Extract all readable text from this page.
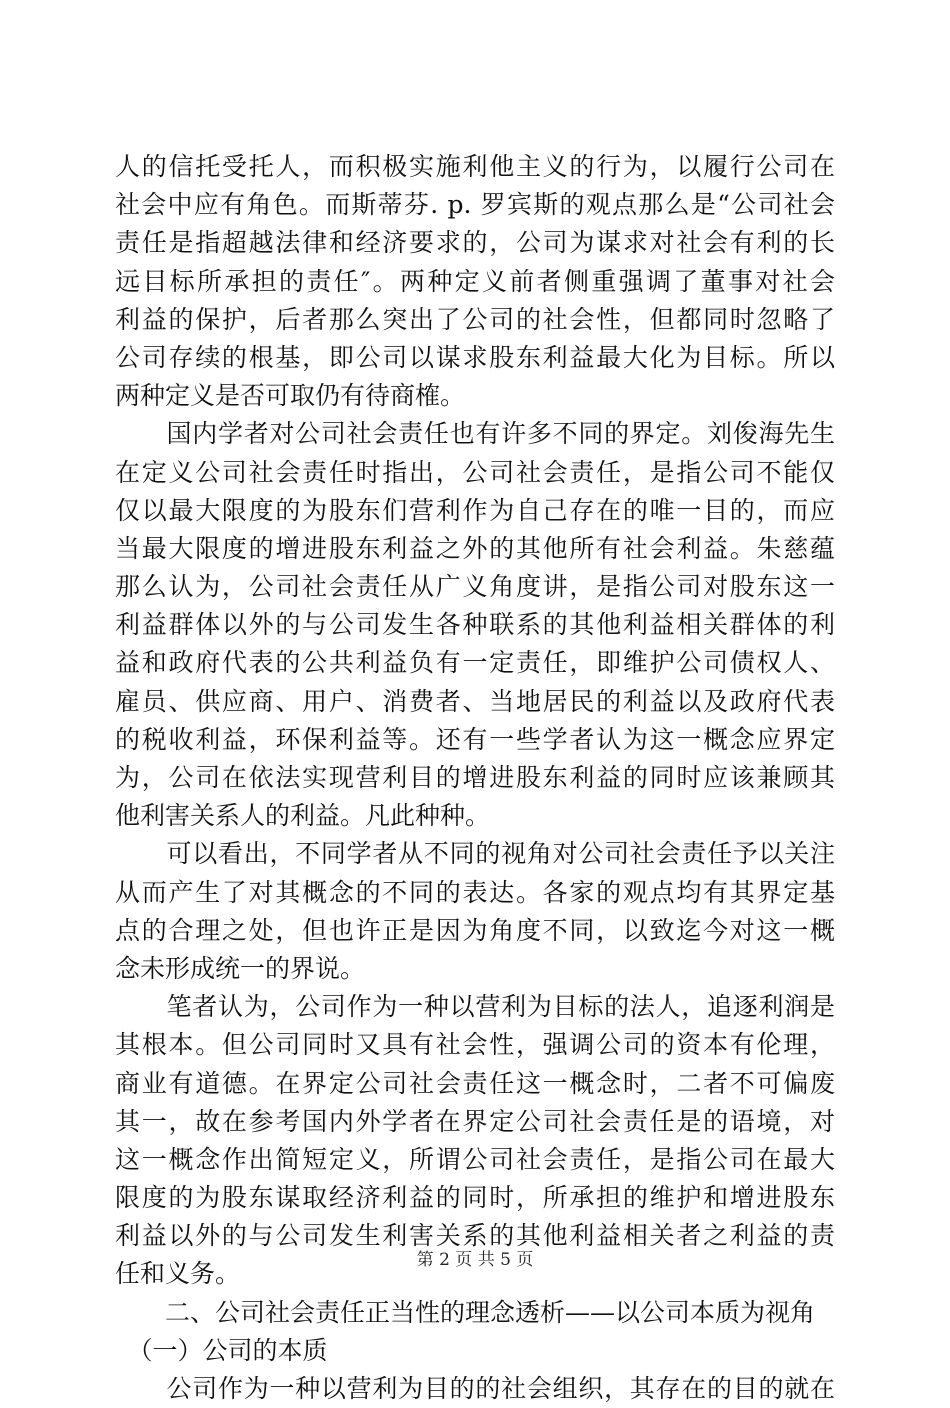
人的信托受托人，而积极实施利他主义的行为，以履行公司在
社会中应有角色。而斯蒂芬. p. 罗宾斯的观点那么是“公司社会
责任是指超越法律和经济要求的，公司为谋求对社会有利的长
远目标所承担的责任″。两种定义前者侧重强调了董事对社会
利益的保护，后者那么突出了公司的社会性，但都同时忽略了
公司存续的根基，即公司以谋求股东利益最大化为目标。所以
两种定义是否可取仍有待商榷。
　　国内学者对公司社会责任也有许多不同的界定。刘俊海先生
在定义公司社会责任时指出，公司社会责任，是指公司不能仅
仅以最大限度的为股东们营利作为自己存在的唯一目的，而应
当最大限度的增进股东利益之外的其他所有社会利益。朱慈蕴
那么认为，公司社会责任从广义角度讲，是指公司对股东这一
利益群体以外的与公司发生各种联系的其他利益相关群体的利
益和政府代表的公共利益负有一定责任，即维护公司债权人、
雇员、供应商、用户、消费者、当地居民的利益以及政府代表
的税收利益，环保利益等。还有一些学者认为这一概念应界定
为，公司在依法实现营利目的增进股东利益的同时应该兼顾其
他利害关系人的利益。凡此种种。
　　可以看出，不同学者从不同的视角对公司社会责任予以关注
从而产生了对其概念的不同的表达。各家的观点均有其界定基
点的合理之处，但也许正是因为角度不同，以致迄今对这一概
念未形成统一的界说。
　　笔者认为，公司作为一种以营利为目标的法人，追逐利润是
其根本。但公司同时又具有社会性，强调公司的资本有伦理，
商业有道德。在界定公司社会责任这一概念时，二者不可偏废
其一，故在参考国内外学者在界定公司社会责任是的语境，对
这一概念作出简短定义，所谓公司社会责任，是指公司在最大
限度的为股东谋取经济利益的同时，所承担的维护和增进股东
利益以外的与公司发生利害关系的其他利益相关者之利益的责
任和义务。
　　二、公司社会责任正当性的理念透析——以公司本质为视角
　（一）公司的本质
　　公司作为一种以营利为目的的社会组织，其存在的目的就在
第 2 页 共 5 页
